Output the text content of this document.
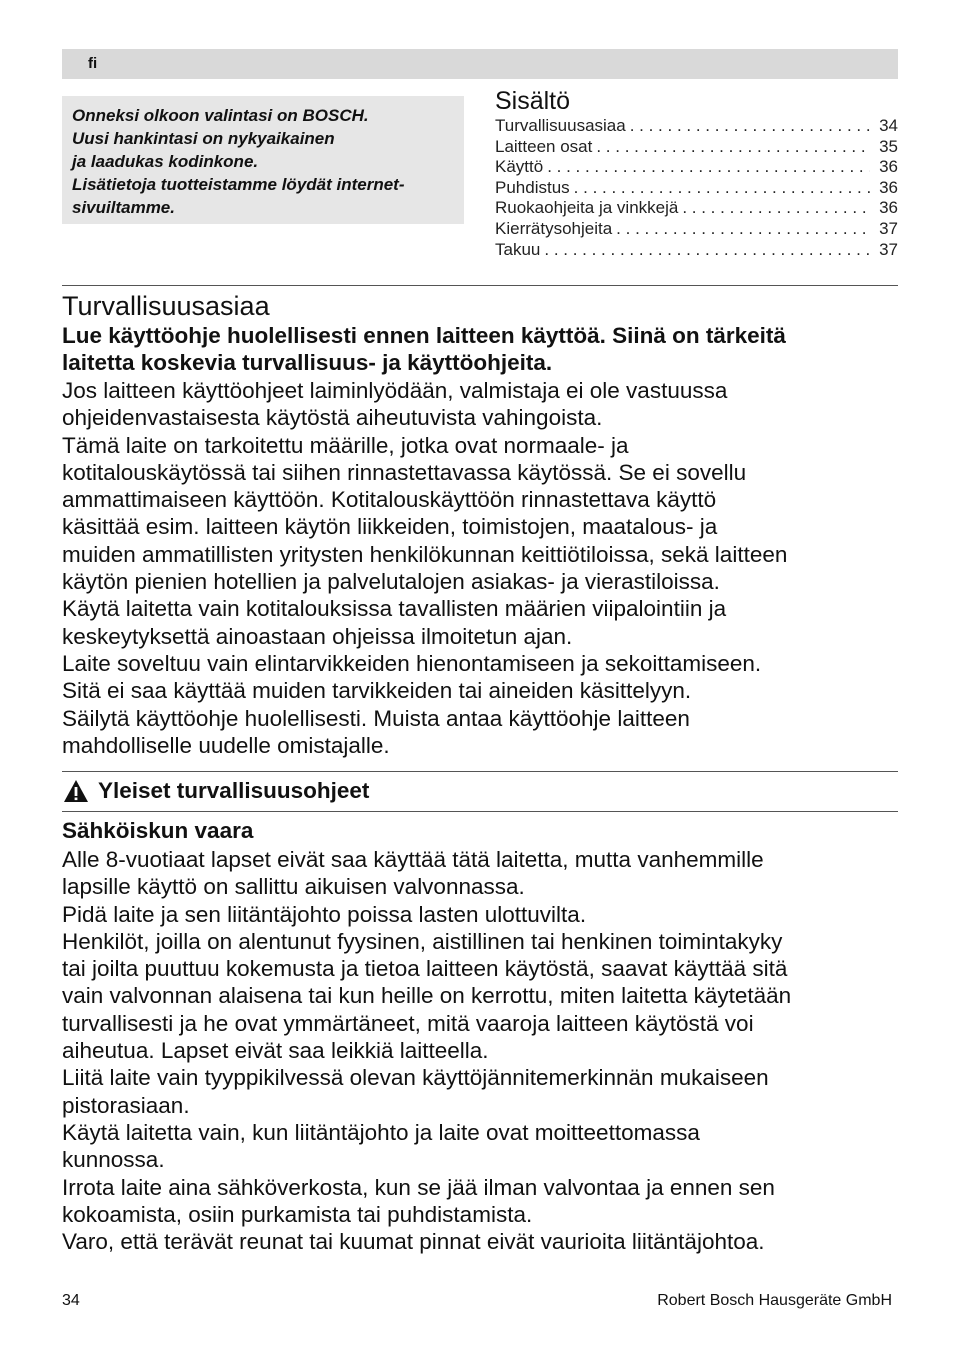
fi
Onneksi olkoon valintasi on BOSCH.
Uusi hankintasi on nykyaikainen
ja laadukas kodinkone.
Lisätietoja tuotteistamme löydät internet-
sivuiltamme.
Sisältö
Turvallisuusasiaa . . .	34
Laitteen osat . . .	35
Käyttö . . .	36
Puhdistus . . .	36
Ruokaohjeita ja vinkkejä . . .	36
Kierrätysohjeita . . .	37
Takuu . . .	37
Turvallisuusasiaa
Lue käyttöohje huolellisesti ennen laitteen käyttöä. Siinä on tärkeitä
laitetta koskevia turvallisuus- ja käyttöohjeita.
Jos laitteen käyttöohjeet laiminlyödään, valmistaja ei ole vastuussa
ohjeidenvastaisesta käytöstä aiheutuvista vahingoista.
Tämä laite on tarkoitettu määrille, jotka ovat normaale- ja
kotitalouskäytössä tai siihen rinnastettavassa käytössä. Se ei sovellu
ammattimaiseen käyttöön. Kotitalouskäyttöön rinnastettava käyttö
käsittää esim. laitteen käytön liikkeiden, toimistojen, maatalous- ja
muiden ammatillisten yritysten henkilökunnan keittiötiloissa, sekä laitteen
käytön pienien hotellien ja palvelutalojen asiakas- ja vierastiloissa.
Käytä laitetta vain kotitalouksissa tavallisten määrien viipalointiin ja
keskeytyksettä ainoastaan ohjeissa ilmoitetun ajan.
Laite soveltuu vain elintarvikkeiden hienontamiseen ja sekoittamiseen.
Sitä ei saa käyttää muiden tarvikkeiden tai aineiden käsittelyyn.
Säilytä käyttöohje huolellisesti. Muista antaa käyttöohje laitteen
mahdolliselle uudelle omistajalle.
Yleiset turvallisuusohjeet
Sähköiskun vaara
Alle 8-vuotiaat lapset eivät saa käyttää tätä laitetta, mutta vanhemmille
lapsille käyttö on sallittu aikuisen valvonnassa.
Pidä laite ja sen liitäntäjohto poissa lasten ulottuvilta.
Henkilöt, joilla on alentunut fyysinen, aistillinen tai henkinen toimintakyky
tai joilta puuttuu kokemusta ja tietoa laitteen käytöstä, saavat käyttää sitä
vain valvonnan alaisena tai kun heille on kerrottu, miten laitetta käytetään
turvallisesti ja he ovat ymmärtäneet, mitä vaaroja laitteen käytöstä voi
aiheutua. Lapset eivät saa leikkiä laitteella.
Liitä laite vain tyyppikilvessä olevan käyttöjännitemerkinnän mukaiseen
pistorasiaan.
Käytä laitetta vain, kun liitäntäjohto ja laite ovat moitteettomassa
kunnossa.
Irrota laite aina sähköverkosta, kun se jää ilman valvontaa ja ennen sen
kokoamista, osiin purkamista tai puhdistamista.
Varo, että terävät reunat tai kuumat pinnat eivät vaurioita liitäntäjohtoa.
34	Robert Bosch Hausgeräte GmbH
